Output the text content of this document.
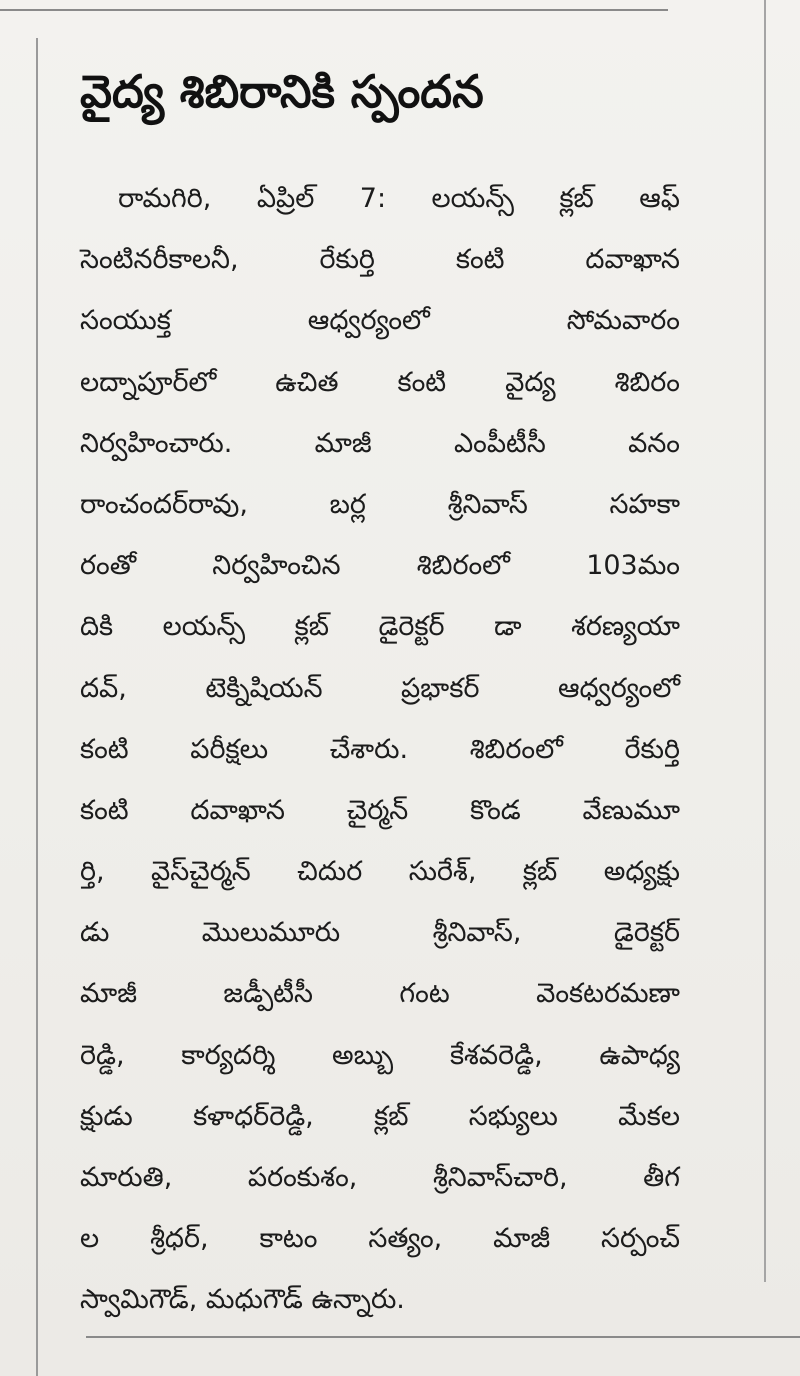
వైద్య శిబిరానికి స్పందన
రామగిరి, ఏప్రిల్ 7: లయన్స్ క్లబ్ ఆఫ్
సెంటినరీకాలనీ, రేకుర్తి కంటి దవాఖాన
సంయుక్త ఆధ్వర్యంలో సోమవారం
లద్నాపూర్‌లో ఉచిత కంటి వైద్య శిబిరం
నిర్వహించారు. మాజీ ఎంపీటీసీ వనం
రాంచందర్‌రావు, బర్ల శ్రీనివాస్ సహకా
రంతో నిర్వహించిన శిబిరంలో 103మం
దికి లయన్స్ క్లబ్ డైరెక్టర్ డా శరణ్యయా
దవ్, టెక్నిషియన్ ప్రభాకర్ ఆధ్వర్యంలో
కంటి పరీక్షలు చేశారు. శిబిరంలో రేకుర్తి
కంటి దవాఖాన చైర్మన్ కొండ వేణుమూ
ర్తి, వైస్‌చైర్మన్ చిదుర సురేశ్, క్లబ్ అధ్యక్షు
డు మొలుమూరు శ్రీనివాస్, డైరెక్టర్
మాజీ జడ్పీటీసీ గంట వెంకటరమణా
రెడ్డి, కార్యదర్శి అబ్బు కేశవరెడ్డి, ఉపాధ్య
క్షుడు కళాధర్‌రెడ్డి, క్లబ్ సభ్యులు మేకల
మారుతి, పరంకుశం, శ్రీనివాస్‌చారి, తీగ
ల శ్రీధర్, కాటం సత్యం, మాజీ సర్పంచ్
స్వామిగౌడ్, మధుగౌడ్ ఉన్నారు.
